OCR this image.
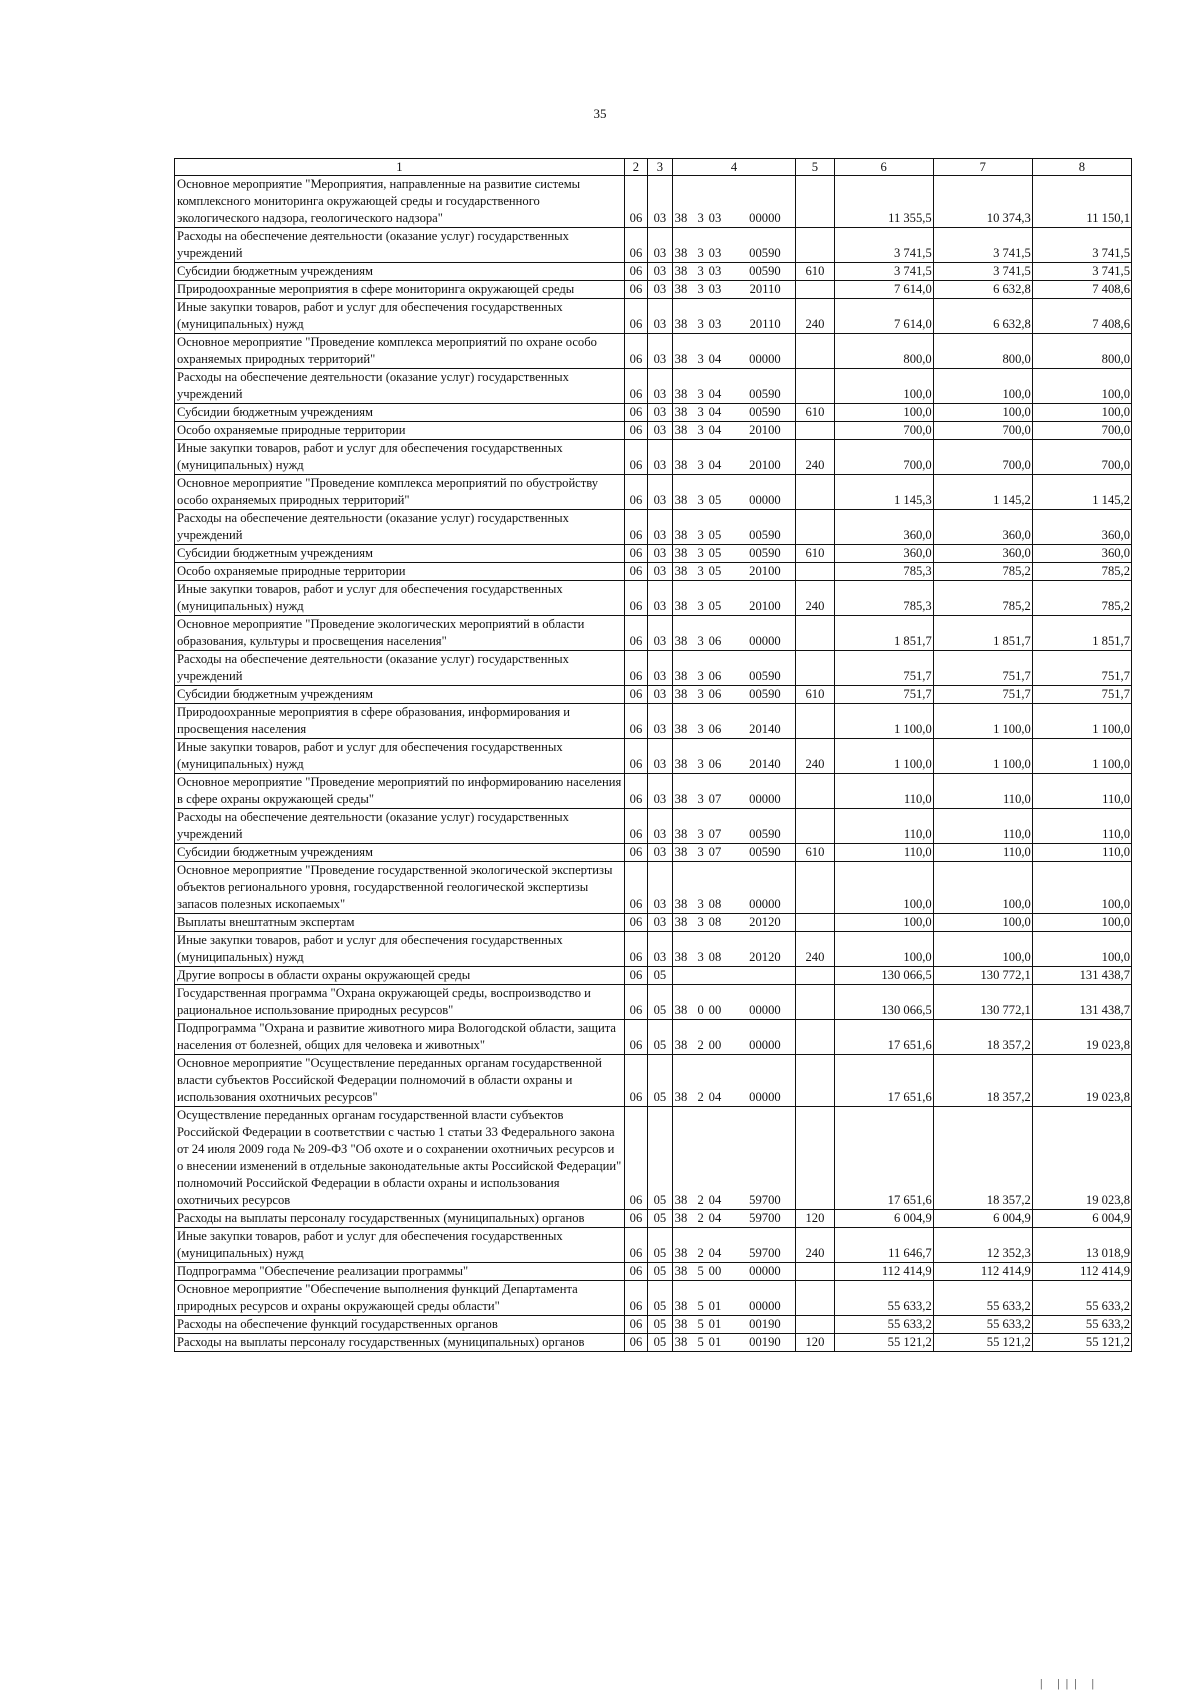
35
1	2	3	4	5	6	7	8
Основное мероприятие "Мероприятия, направленные на развитие системы комплексного мониторинга окружающей среды и государственного экологического надзора, геологического надзора"	06	03	38 3 03 00000		11 355,5	10 374,3	11 150,1
Расходы на обеспечение деятельности (оказание услуг) государственных учреждений	06	03	38 3 03 00590		3 741,5	3 741,5	3 741,5
Субсидии бюджетным учреждениям	06	03	38 3 03 00590	610	3 741,5	3 741,5	3 741,5
Природоохранные мероприятия в сфере мониторинга окружающей среды	06	03	38 3 03 20110		7 614,0	6 632,8	7 408,6
Иные закупки товаров, работ и услуг для обеспечения государственных (муниципальных) нужд	06	03	38 3 03 20110	240	7 614,0	6 632,8	7 408,6
Основное мероприятие "Проведение комплекса мероприятий по охране особо охраняемых природных территорий"	06	03	38 3 04 00000		800,0	800,0	800,0
Расходы на обеспечение деятельности (оказание услуг) государственных учреждений	06	03	38 3 04 00590		100,0	100,0	100,0
Субсидии бюджетным учреждениям	06	03	38 3 04 00590	610	100,0	100,0	100,0
Особо охраняемые природные территории	06	03	38 3 04 20100		700,0	700,0	700,0
Иные закупки товаров, работ и услуг для обеспечения государственных (муниципальных) нужд	06	03	38 3 04 20100	240	700,0	700,0	700,0
Основное мероприятие "Проведение комплекса мероприятий по обустройству особо охраняемых природных территорий"	06	03	38 3 05 00000		1 145,3	1 145,2	1 145,2
Расходы на обеспечение деятельности (оказание услуг) государственных учреждений	06	03	38 3 05 00590		360,0	360,0	360,0
Субсидии бюджетным учреждениям	06	03	38 3 05 00590	610	360,0	360,0	360,0
Особо охраняемые природные территории	06	03	38 3 05 20100		785,3	785,2	785,2
Иные закупки товаров, работ и услуг для обеспечения государственных (муниципальных) нужд	06	03	38 3 05 20100	240	785,3	785,2	785,2
Основное мероприятие "Проведение экологических мероприятий в области образования, культуры и просвещения населения"	06	03	38 3 06 00000		1 851,7	1 851,7	1 851,7
Расходы на обеспечение деятельности (оказание услуг) государственных учреждений	06	03	38 3 06 00590		751,7	751,7	751,7
Субсидии бюджетным учреждениям	06	03	38 3 06 00590	610	751,7	751,7	751,7
Природоохранные мероприятия в сфере образования, информирования и просвещения населения	06	03	38 3 06 20140		1 100,0	1 100,0	1 100,0
Иные закупки товаров, работ и услуг для обеспечения государственных (муниципальных) нужд	06	03	38 3 06 20140	240	1 100,0	1 100,0	1 100,0
Основное мероприятие "Проведение мероприятий по информированию населения в сфере охраны окружающей среды"	06	03	38 3 07 00000		110,0	110,0	110,0
Расходы на обеспечение деятельности (оказание услуг) государственных учреждений	06	03	38 3 07 00590		110,0	110,0	110,0
Субсидии бюджетным учреждениям	06	03	38 3 07 00590	610	110,0	110,0	110,0
Основное мероприятие "Проведение государственной экологической экспертизы объектов регионального уровня, государственной геологической экспертизы запасов полезных ископаемых"	06	03	38 3 08 00000		100,0	100,0	100,0
Выплаты внештатным экспертам	06	03	38 3 08 20120		100,0	100,0	100,0
Иные закупки товаров, работ и услуг для обеспечения государственных (муниципальных) нужд	06	03	38 3 08 20120	240	100,0	100,0	100,0
Другие вопросы в области охраны окружающей среды	06	05			130 066,5	130 772,1	131 438,7
Государственная программа "Охрана окружающей среды, воспроизводство и рациональное использование природных ресурсов"	06	05	38 0 00 00000		130 066,5	130 772,1	131 438,7
Подпрограмма "Охрана и развитие животного мира Вологодской области, защита населения от болезней, общих для человека и животных"	06	05	38 2 00 00000		17 651,6	18 357,2	19 023,8
Основное мероприятие "Осуществление переданных органам государственной власти субъектов Российской Федерации полномочий в области охраны и использования охотничьих ресурсов"	06	05	38 2 04 00000		17 651,6	18 357,2	19 023,8
Осуществление переданных органам государственной власти субъектов Российской Федерации в соответствии с частью 1 статьи 33 Федерального закона от 24 июля 2009 года № 209-ФЗ "Об охоте и о сохранении охотничьих ресурсов и о внесении изменений в отдельные законодательные акты Российской Федерации" полномочий Российской Федерации в области охраны и использования охотничьих ресурсов	06	05	38 2 04 59700		17 651,6	18 357,2	19 023,8
Расходы на выплаты персоналу государственных (муниципальных) органов	06	05	38 2 04 59700	120	6 004,9	6 004,9	6 004,9
Иные закупки товаров, работ и услуг для обеспечения государственных (муниципальных) нужд	06	05	38 2 04 59700	240	11 646,7	12 352,3	13 018,9
Подпрограмма "Обеспечение реализации программы"	06	05	38 5 00 00000		112 414,9	112 414,9	112 414,9
Основное мероприятие "Обеспечение выполнения функций Департамента природных ресурсов и охраны окружающей среды области"	06	05	38 5 01 00000		55 633,2	55 633,2	55 633,2
Расходы на обеспечение функций государственных органов	06	05	38 5 01 00190		55 633,2	55 633,2	55 633,2
Расходы на выплаты персоналу государственных (муниципальных) органов	06	05	38 5 01 00190	120	55 121,2	55 121,2	55 121,2
| ||| |
